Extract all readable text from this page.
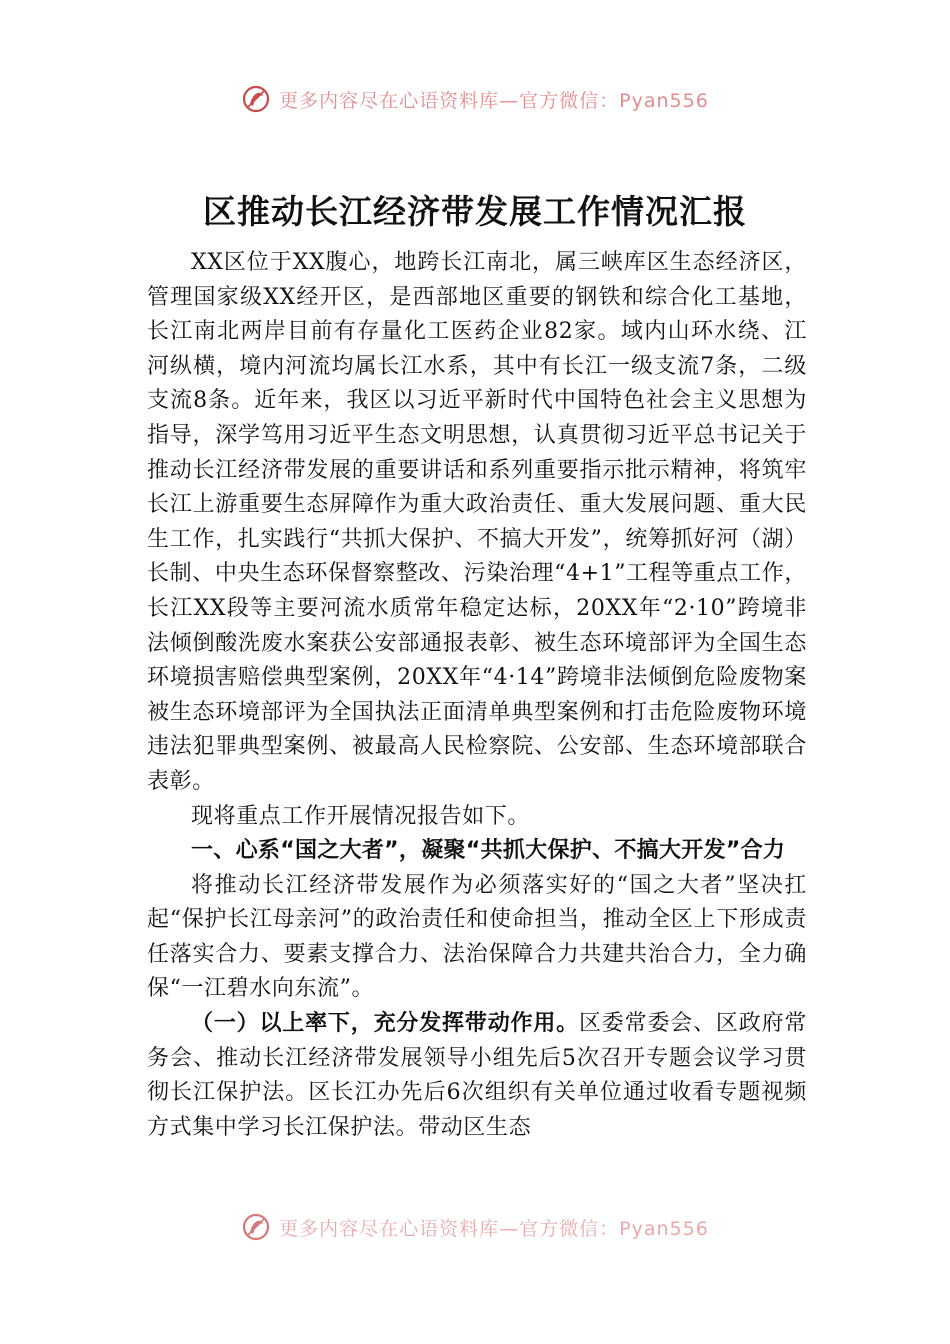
更多内容尽在心语资料库—官方微信：Pyan556
区推动长江经济带发展工作情况汇报

XX区位于XX腹心，地跨长江南北，属三峡库区生态经济区，管理国家级XX经开区，是西部地区重要的钢铁和综合化工基地，长江南北两岸目前有存量化工医药企业82家。域内山环水绕、江河纵横，境内河流均属长江水系，其中有长江一级支流7条，二级支流8条。近年来，我区以习近平新时代中国特色社会主义思想为指导，深学笃用习近平生态文明思想，认真贯彻习近平总书记关于推动长江经济带发展的重要讲话和系列重要指示批示精神，将筑牢长江上游重要生态屏障作为重大政治责任、重大发展问题、重大民生工作，扎实践行“共抓大保护、不搞大开发”，统筹抓好河（湖）长制、中央生态环保督察整改、污染治理“4+1”工程等重点工作，长江XX段等主要河流水质常年稳定达标，20XX年“2·10”跨境非法倾倒酸洗废水案获公安部通报表彰、被生态环境部评为全国生态环境损害赔偿典型案例，20XX年“4·14”跨境非法倾倒危险废物案被生态环境部评为全国执法正面清单典型案例和打击危险废物环境违法犯罪典型案例、被最高人民检察院、公安部、生态环境部联合表彰。

现将重点工作开展情况报告如下。

一、心系“国之大者”，凝聚“共抓大保护、不搞大开发”合力

将推动长江经济带发展作为必须落实好的“国之大者”坚决扛起“保护长江母亲河”的政治责任和使命担当，推动全区上下形成责任落实合力、要素支撑合力、法治保障合力共建共治合力，全力确保“一江碧水向东流”。

（一）以上率下，充分发挥带动作用。区委常委会、区政府常务会、推动长江经济带发展领导小组先后5次召开专题会议学习贯彻长江保护法。区长江办先后6次组织有关单位通过收看专题视频方式集中学习长江保护法。带动区生态

更多内容尽在心语资料库—官方微信：Pyan556
